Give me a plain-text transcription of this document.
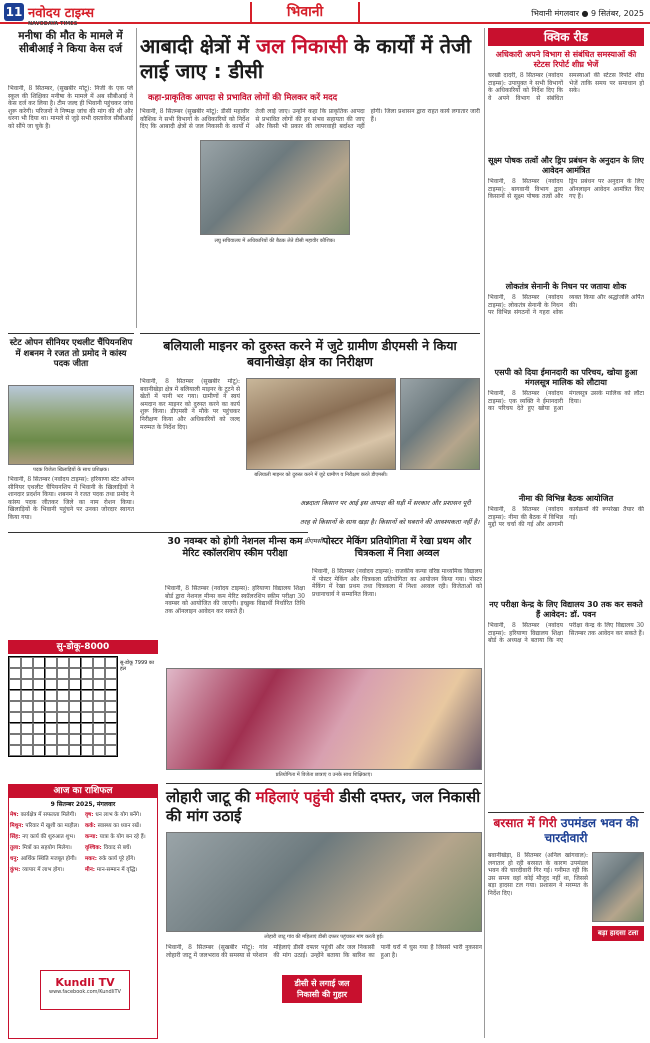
11 नवोदय टाइम्स
NAVODAYA TIMES
भिवानी	भिवानी मंगलवार ● 9 सितंबर, 2025
मनीषा की मौत के मामले में सीबीआई ने किया केस दर्ज
भिवानी, 8 सितम्बर, (सुखबीर मोटू): निजी के एक प्ले स्कूल की शिक्षिका मनीषा के मामले में अब सीबीआई ने केस दर्ज कर लिया है। टीम जल्द ही भिवानी पहुंचकर जांच शुरू करेगी। परिजनों ने निष्पक्ष जांच की मांग की थी और धरना भी दिया था। मामले से जुड़े सभी दस्तावेज सीबीआई को सौंपे जा चुके हैं।
आबादी क्षेत्रों में जल निकासी के कार्यों में तेजी लाई जाए : डीसी
कहा-प्राकृतिक आपदा से प्रभावित लोगों की मिलकर करें मदद
भिवानी, 8 सितम्बर (सुखबीर मोटू): डीसी महावीर कौशिक ने सभी विभागों के अधिकारियों को निर्देश दिए कि आबादी क्षेत्रों से जल निकासी के कार्यों में तेजी लाई जाए। उन्होंने कहा कि प्राकृतिक आपदा से प्रभावित लोगों की हर संभव सहायता की जाए और किसी भी प्रकार की लापरवाही बर्दाश्त नहीं होगी। जिला प्रशासन द्वारा राहत कार्य लगातार जारी हैं।
लघु सचिवालय में अधिकारियों की बैठक लेते डीसी महावीर कौशिक।
स्टेट ओपन सीनियर एथलीट चैंपियनशिप में शबनम ने रजत तो प्रमोद ने कांस्य पदक जीता
पदक विजेता खिलाड़ियों के साथ प्रशिक्षक।
भिवानी, 8 सितम्बर (नवोदय टाइम्स): हरियाणा स्टेट ओपन सीनियर एथलीट चैंपियनशिप में भिवानी के खिलाड़ियों ने शानदार प्रदर्शन किया। शबनम ने रजत पदक तथा प्रमोद ने कांस्य पदक जीतकर जिले का नाम रोशन किया। खिलाड़ियों के भिवानी पहुंचने पर उनका जोरदार स्वागत किया गया।
बलियाली माइनर को दुरुस्त करने में जुटे ग्रामीण डीएमसी ने किया बवानीखेड़ा क्षेत्र का निरीक्षण
भिवानी, 8 सितम्बर (सुखबीर मोटू): बवानीखेड़ा क्षेत्र में बलियाली माइनर के टूटने से खेतों में पानी भर गया। ग्रामीणों ने स्वयं श्रमदान कर माइनर को दुरुस्त करने का कार्य शुरू किया। डीएमसी ने मौके पर पहुंचकर निरीक्षण किया और अधिकारियों को जल्द मरम्मत के निर्देश दिए।
बलियाली माइनर को दुरुस्त करने में जुटे ग्रामीण व निरीक्षण करते डीएमसी।
अन्नदाता किसान पर आई इस आपदा की घड़ी में सरकार और प्रशासन पूरी तरह से किसानों के साथ खड़ा है। किसानों को घबराने की आवश्यकता नहीं है। - डीएमसी
30 नवम्बर को होगी नेशनल मीन्स कम मेरिट स्कॉलरशिप स्कीम परीक्षा
भिवानी, 8 सितम्बर (नवोदय टाइम्स): हरियाणा विद्यालय शिक्षा बोर्ड द्वारा नेशनल मीन्स कम मेरिट स्कॉलरशिप स्कीम परीक्षा 30 नवम्बर को आयोजित की जाएगी। इच्छुक विद्यार्थी निर्धारित तिथि तक ऑनलाइन आवेदन कर सकते हैं।
सु-डोकू-8000
सु-डोकू 7999 का हल
पोस्टर मेकिंग प्रतियोगिता में रेखा प्रथम और चित्रकला में निशा अव्वल
भिवानी, 8 सितम्बर (नवोदय टाइम्स): राजकीय कन्या वरिष्ठ माध्यमिक विद्यालय में पोस्टर मेकिंग और चित्रकला प्रतियोगिता का आयोजन किया गया। पोस्टर मेकिंग में रेखा प्रथम तथा चित्रकला में निशा अव्वल रही। विजेताओं को प्रधानाचार्य ने सम्मानित किया।
प्रतियोगिता में विजेता छात्राएं व उनके साथ शिक्षिकाएं।
आज का राशिफल
9 सितम्बर 2025, मंगलवार
मेष: कार्यक्षेत्र में सफलता मिलेगी।	वृष: धन लाभ के योग बनेंगे।
मिथुन: परिवार में खुशी का माहौल। कर्क: स्वास्थ्य का ध्यान रखें।
सिंह: नए कार्य की शुरुआत शुभ।	कन्या: यात्रा के योग बन रहे हैं।
तुला: मित्रों का सहयोग मिलेगा।	वृश्चिक: विवाद से बचें।
धनु: आर्थिक स्थिति मजबूत होगी।	मकर: रुके कार्य पूरे होंगे।
कुंभ: व्यापार में लाभ होगा।	मीन: मान-सम्मान में वृद्धि।
Kundli TV
www.facebook.com/KundliTV
लोहारी जाटू की महिलाएं पहुंची डीसी दफ्तर, जल निकासी की मांग उठाई
लोहारी जाटू गांव की महिलाएं डीसी दफ्तर पहुंचकर मांग करती हुई।
भिवानी, 8 सितम्बर (सुखबीर मोटू): गांव लोहारी जाटू में जलभराव की समस्या से परेशान महिलाएं डीसी दफ्तर पहुंचीं और जल निकासी की मांग उठाई। उन्होंने बताया कि बारिश का पानी घरों में घुस गया है जिससे भारी नुकसान हुआ है।
डीसी से लगाई जल निकासी की गुहार
क्विक रीड
अधिकारी अपने विभाग से संबंधित समस्याओं की स्टेटस रिपोर्ट शीघ्र भेजें
चरखी दादरी, 8 सितम्बर (नवोदय टाइम्स): उपायुक्त ने सभी विभागों के अधिकारियों को निर्देश दिए कि वे अपने विभाग से संबंधित समस्याओं की स्टेटस रिपोर्ट शीघ्र भेजें ताकि समय पर समाधान हो सके।
सूक्ष्म पोषक तत्वों और ड्रिप प्रबंधन के अनुदान के लिए आवेदन आमंत्रित
भिवानी, 8 सितम्बर (नवोदय टाइम्स): बागवानी विभाग द्वारा किसानों से सूक्ष्म पोषक तत्वों और ड्रिप प्रबंधन पर अनुदान के लिए ऑनलाइन आवेदन आमंत्रित किए गए हैं।
लोकतंत्र सेनानी के निधन पर जताया शोक
भिवानी, 8 सितम्बर (नवोदय टाइम्स): लोकतंत्र सेनानी के निधन पर विभिन्न संगठनों ने गहरा शोक व्यक्त किया और श्रद्धांजलि अर्पित की।
एसपी को दिया ईमानदारी का परिचय, खोया हुआ मंगलसूत्र मालिक को लौटाया
भिवानी, 8 सितम्बर (नवोदय टाइम्स): एक व्यक्ति ने ईमानदारी का परिचय देते हुए खोया हुआ मंगलसूत्र उसके मालिक को लौटा दिया।
नीमा की विभिन्न बैठक आयोजित
भिवानी, 8 सितम्बर (नवोदय टाइम्स): नीमा की बैठक में विभिन्न मुद्दों पर चर्चा की गई और आगामी कार्यक्रमों की रूपरेखा तैयार की गई।
नए परीक्षा केन्द्र के लिए विद्यालय 30 तक कर सकते हैं आवेदन: डॉ. पवन
भिवानी, 8 सितम्बर (नवोदय टाइम्स): हरियाणा विद्यालय शिक्षा बोर्ड के अध्यक्ष ने बताया कि नए परीक्षा केन्द्र के लिए विद्यालय 30 सितम्बर तक आवेदन कर सकते हैं।
बरसात में गिरी उपमंडल भवन की चारदीवारी
बवानीखेड़ा, 8 सितम्बर (अनिल खांगवाल): लगातार हो रही बरसात के कारण उपमंडल भवन की चारदीवारी गिर गई। गनीमत रही कि उस समय वहां कोई मौजूद नहीं था, जिससे बड़ा हादसा टल गया। प्रशासन ने मरम्मत के निर्देश दिए।
बड़ा हादसा टला
